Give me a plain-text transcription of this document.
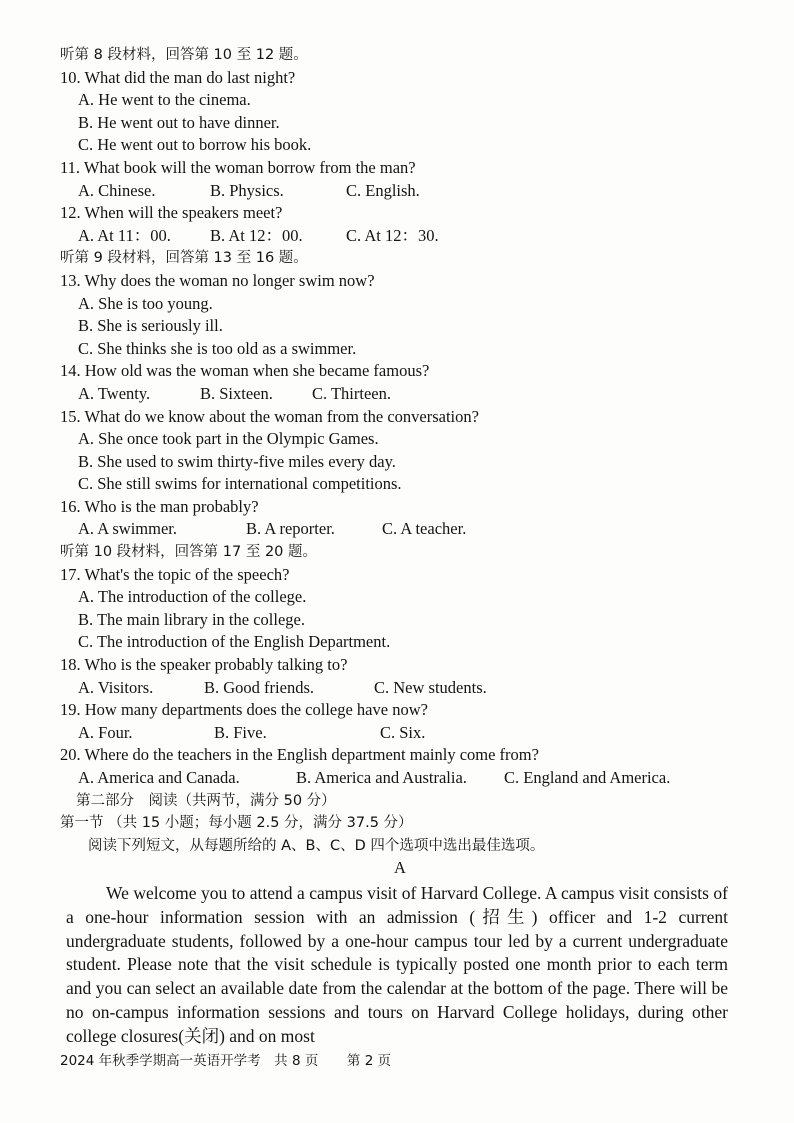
听第 8 段材料，回答第 10 至 12 题。
10. What did the man do last night?
A. He went to the cinema.
B. He went out to have dinner.
C. He went out to borrow his book.
11. What book will the woman borrow from the man?
A. Chinese.	B. Physics.	C. English.
12. When will the speakers meet?
A. At 11：00.	B. At 12：00.	C. At 12：30.
听第 9 段材料，回答第 13 至 16 题。
13. Why does the woman no longer swim now?
A. She is too young.
B. She is seriously ill.
C. She thinks she is too old as a swimmer.
14. How old was the woman when she became famous?
A. Twenty.	B. Sixteen.	C. Thirteen.
15. What do we know about the woman from the conversation?
A. She once took part in the Olympic Games.
B. She used to swim thirty-five miles every day.
C. She still swims for international competitions.
16. Who is the man probably?
A. A swimmer.	B. A reporter.	C. A teacher.
听第 10 段材料，回答第 17 至 20 题。
17. What's the topic of the speech?
A. The introduction of the college.
B. The main library in the college.
C. The introduction of the English Department.
18. Who is the speaker probably talking to?
A. Visitors.	B. Good friends.	C. New students.
19. How many departments does the college have now?
A. Four.	B. Five.	C. Six.
20. Where do the teachers in the English department mainly come from?
A. America and Canada.	B. America and Australia.	C. England and America.
第二部分　阅读（共两节，满分 50 分）
第一节 （共 15 小题；每小题 2.5 分，满分 37.5 分）
阅读下列短文，从每题所给的 A、B、C、D 四个选项中选出最佳选项。
A

We welcome you to attend a campus visit of Harvard College. A campus visit consists of a one-hour information session with an admission (招生) officer and 1-2 current undergraduate students, followed by a one-hour campus tour led by a current undergraduate student. Please note that the visit schedule is typically posted one month prior to each term and you can select an available date from the calendar at the bottom of the page. There will be no on-campus information sessions and tours on Harvard College holidays, during other college closures(关闭) and on most

2024 年秋季学期高一英语开学考　共 8 页 第 2 页
